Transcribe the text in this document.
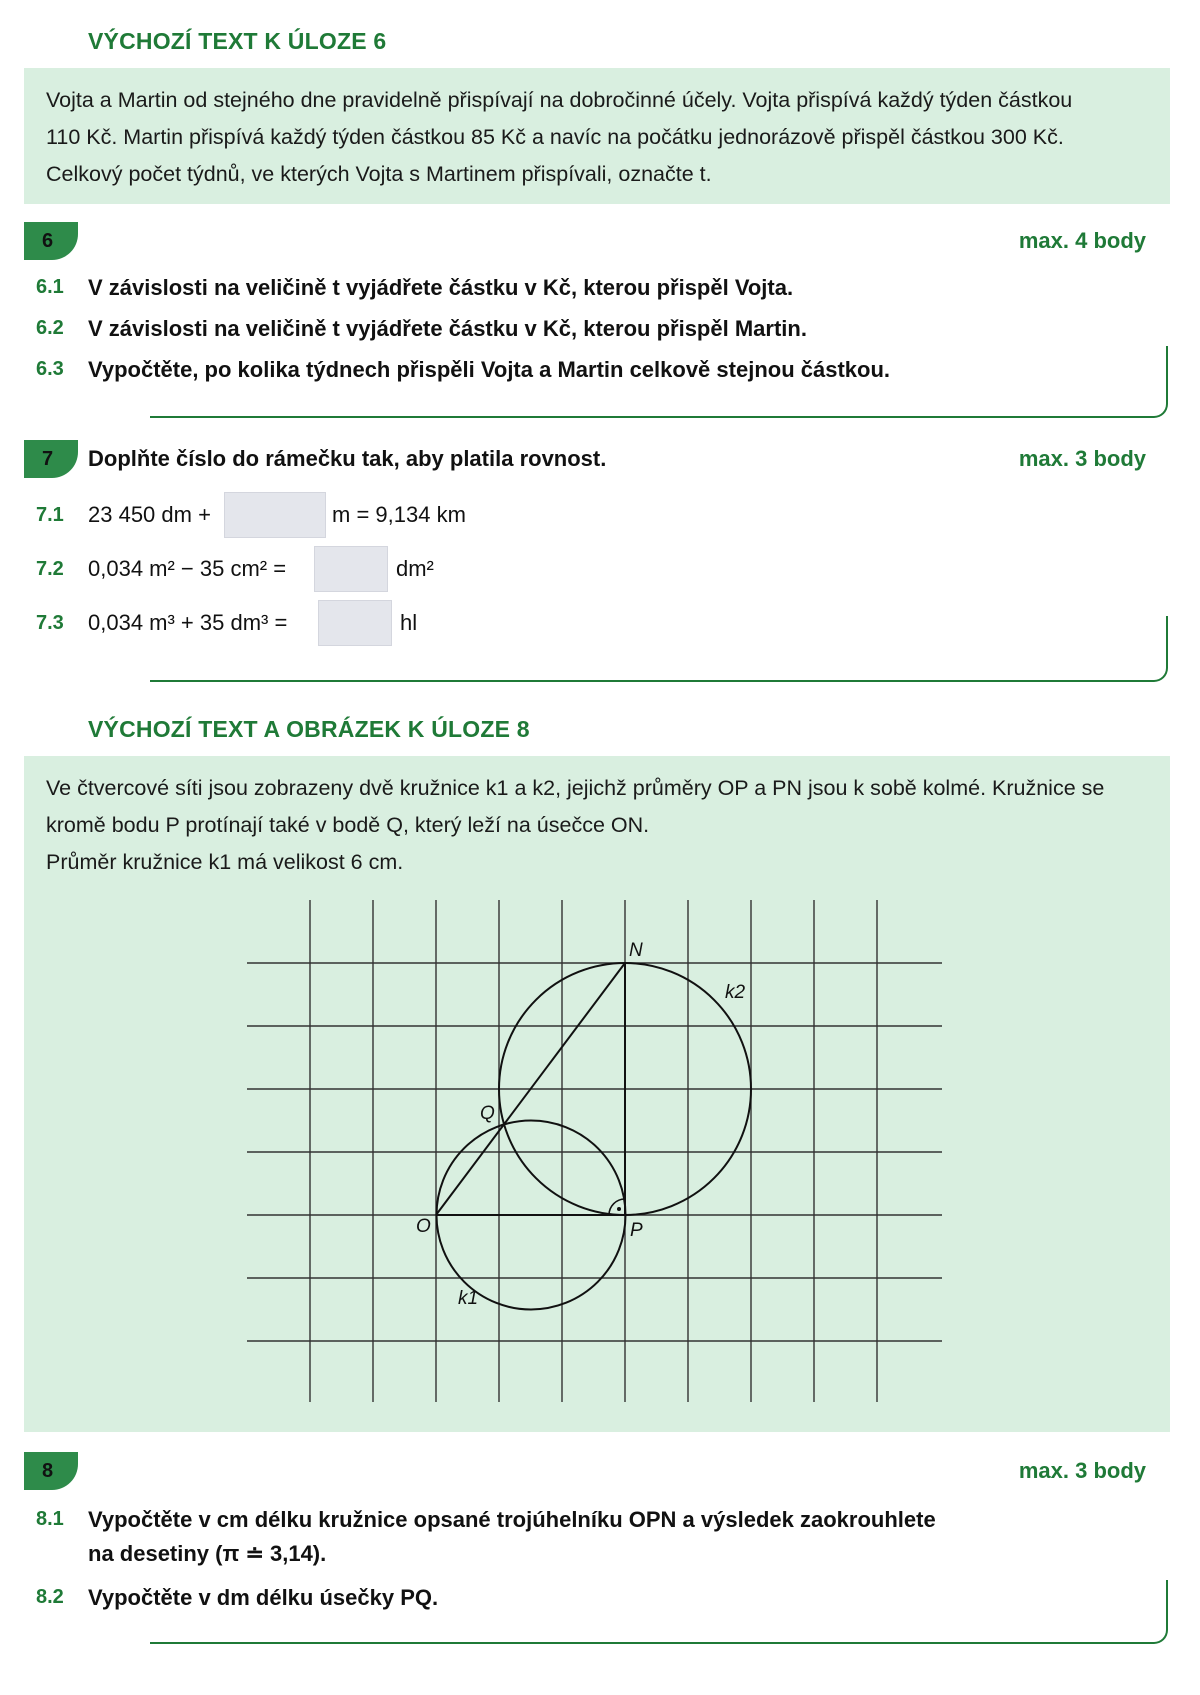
VÝCHOZÍ TEXT K ÚLOZE 6

Vojta a Martin od stejného dne pravidelně přispívají na dobročinné účely. Vojta přispívá každý týden částkou

110 Kč. Martin přispívá každý týden částkou 85 Kč a navíc na počátku jednorázově přispěl částkou 300 Kč.

Celkový počet týdnů, ve kterých Vojta s Martinem přispívali, označte t.

6	max. 4 body
6.1 V závislosti na veličině t vyjádřete částku v Kč, kterou přispěl Vojta.
6.2 V závislosti na veličině t vyjádřete částku v Kč, kterou přispěl Martin.
6.3 Vypočtěte, po kolika týdnech přispěli Vojta a Martin celkově stejnou částkou.
7	Doplňte číslo do rámečku tak, aby platila rovnost.	max. 3 body
7.1 23 450 dm +	m = 9,134 km
7.2 0,034 m² − 35 cm² =	dm²
7.3 0,034 m³ + 35 dm³ =	hl
VÝCHOZÍ TEXT A OBRÁZEK K ÚLOZE 8

Ve čtvercové síti jsou zobrazeny dvě kružnice k1 a k2, jejichž průměry OP a PN jsou k sobě kolmé. Kružnice se

kromě bodu P protínají také v bodě Q, který leží na úsečce ON.

Průměr kružnice k1 má velikost 6 cm.

N
Q
O	P
k2
k1
8	max. 3 body
8.1 Vypočtěte v cm délku kružnice opsané trojúhelníku OPN a výsledek zaokrouhlete
na desetiny (π ≐ 3,14).
8.2 Vypočtěte v dm délku úsečky PQ.
